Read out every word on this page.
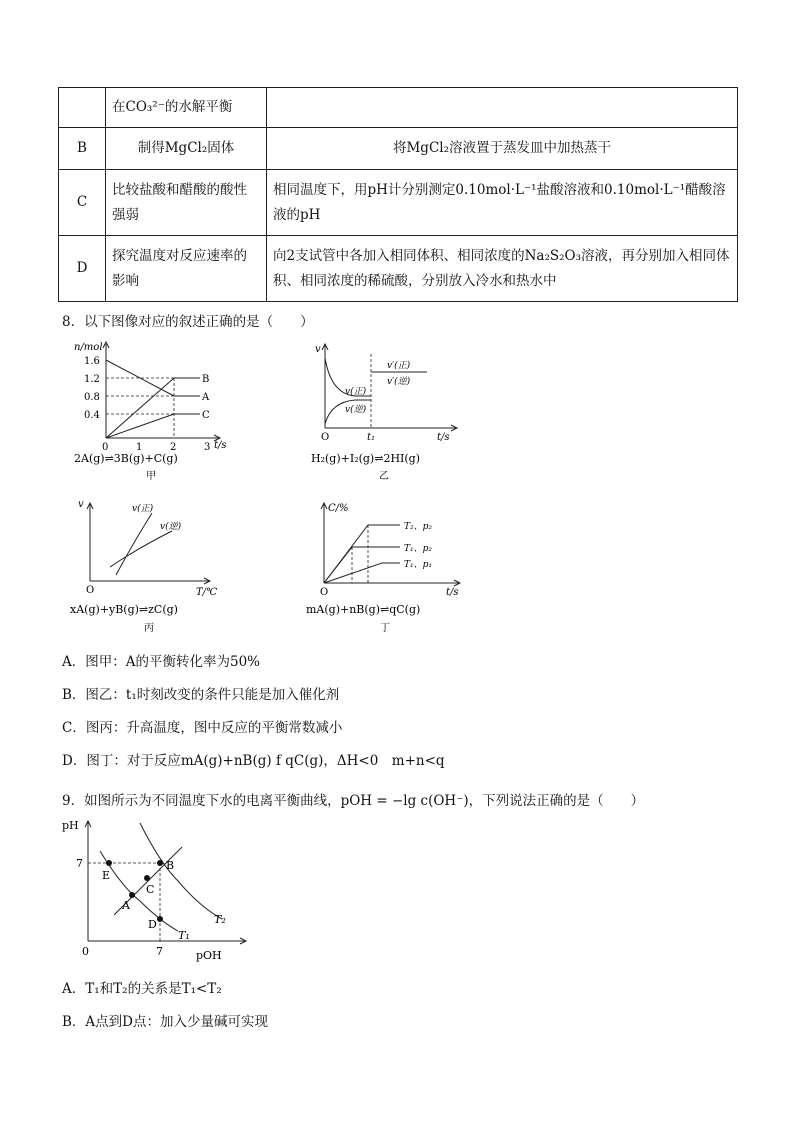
	在CO₃²⁻的水解平衡	
B	制得MgCl₂固体	将MgCl₂溶液置于蒸发皿中加热蒸干
C	比较盐酸和醋酸的酸性强弱	相同温度下，用pH计分别测定0.10mol·L⁻¹盐酸溶液和0.10mol·L⁻¹醋酸溶液的pH
D	探究温度对反应速率的影响	向2支试管中各加入相同体积、相同浓度的Na₂S₂O₃溶液，再分别加入相同体积、相同浓度的稀硫酸，分别放入冷水和热水中
8．以下图像对应的叙述正确的是（　　）
n/mol
1.6
1.2
0.8
0.4
0	1	2	3 t/s
B
A
C
2A(g)⇌3B(g)+C(g)
甲
v
O	t₁	t/s
v(正)
v(逆)
v′(正)
v′(逆)
H₂(g)+I₂(g)⇌2HI(g)
乙
v
O	T/℃
v(正)
v(逆)
xA(g)+yB(g)⇌zC(g)
丙
C/%
O	t/s
T₂、p₂
T₁、p₂
T₁、p₁
mA(g)+nB(g)⇌qC(g)
丁
A．图甲：A的平衡转化率为50%
B．图乙：t₁时刻改变的条件只能是加入催化剂
C．图丙：升高温度，图中反应的平衡常数减小
D．图丁：对于反应mA(g)+nB(g) f qC(g)，ΔH<0　m+n<q
9．如图所示为不同温度下水的电离平衡曲线，pOH = −lg c(OH⁻)，下列说法正确的是（　　）
pH
7
0	7	pOH
E
B
C
A
D	T₂
T₁
A．T₁和T₂的关系是T₁<T₂
B．A点到D点：加入少量碱可实现
